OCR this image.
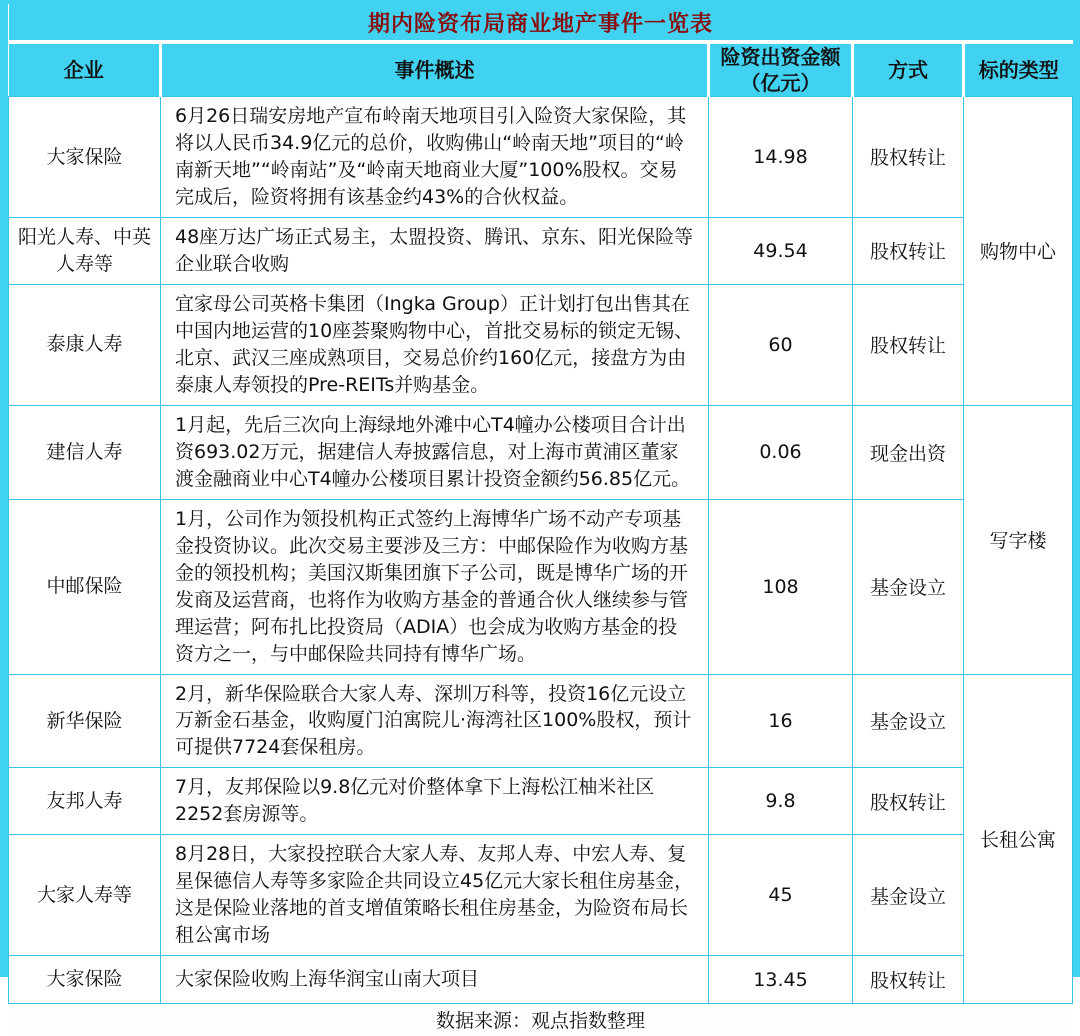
期内险资布局商业地产事件一览表				
企业	事件概述	险资出资金额（亿元）	方式	标的类型
大家保险	6月26日瑞安房地产宣布岭南天地项目引入险资大家保险，其将以人民币34.9亿元的总价，收购佛山“岭南天地”项目的“岭南新天地”“岭南站”及“岭南天地商业大厦”100%股权。交易完成后，险资将拥有该基金约43%的合伙权益。	14.98	股权转让	购物中心
阳光人寿、中英人寿等	48座万达广场正式易主，太盟投资、腾讯、京东、阳光保险等企业联合收购	49.54	股权转让	
泰康人寿	宜家母公司英格卡集团（Ingka Group）正计划打包出售其在中国内地运营的10座荟聚购物中心，首批交易标的锁定无锡、北京、武汉三座成熟项目，交易总价约160亿元，接盘方为由泰康人寿领投的Pre-REITs并购基金。	60	股权转让	
建信人寿	1月起，先后三次向上海绿地外滩中心T4幢办公楼项目合计出资693.02万元，据建信人寿披露信息，对上海市黄浦区董家渡金融商业中心T4幢办公楼项目累计投资金额约56.85亿元。	0.06	现金出资	写字楼
中邮保险	1月，公司作为领投机构正式签约上海博华广场不动产专项基金投资协议。此次交易主要涉及三方：中邮保险作为收购方基金的领投机构；美国汉斯集团旗下子公司，既是博华广场的开发商及运营商，也将作为收购方基金的普通合伙人继续参与管理运营；阿布扎比投资局（ADIA）也会成为收购方基金的投资方之一，与中邮保险共同持有博华广场。	108	基金设立	
新华保险	2月，新华保险联合大家人寿、深圳万科等，投资16亿元设立万新金石基金，收购厦门泊寓院儿·海湾社区100%股权，预计可提供7724套保租房。	16	基金设立	长租公寓
友邦人寿	7月，友邦保险以9.8亿元对价整体拿下上海松江柚米社区2252套房源等。	9.8	股权转让	
大家人寿等	8月28日，大家投控联合大家人寿、友邦人寿、中宏人寿、复星保德信人寿等多家险企共同设立45亿元大家长租住房基金，这是保险业落地的首支增值策略长租住房基金，为险资布局长租公寓市场	45	基金设立	
大家保险	大家保险收购上海华润宝山南大项目	13.45	股权转让	
数据来源：观点指数整理				
